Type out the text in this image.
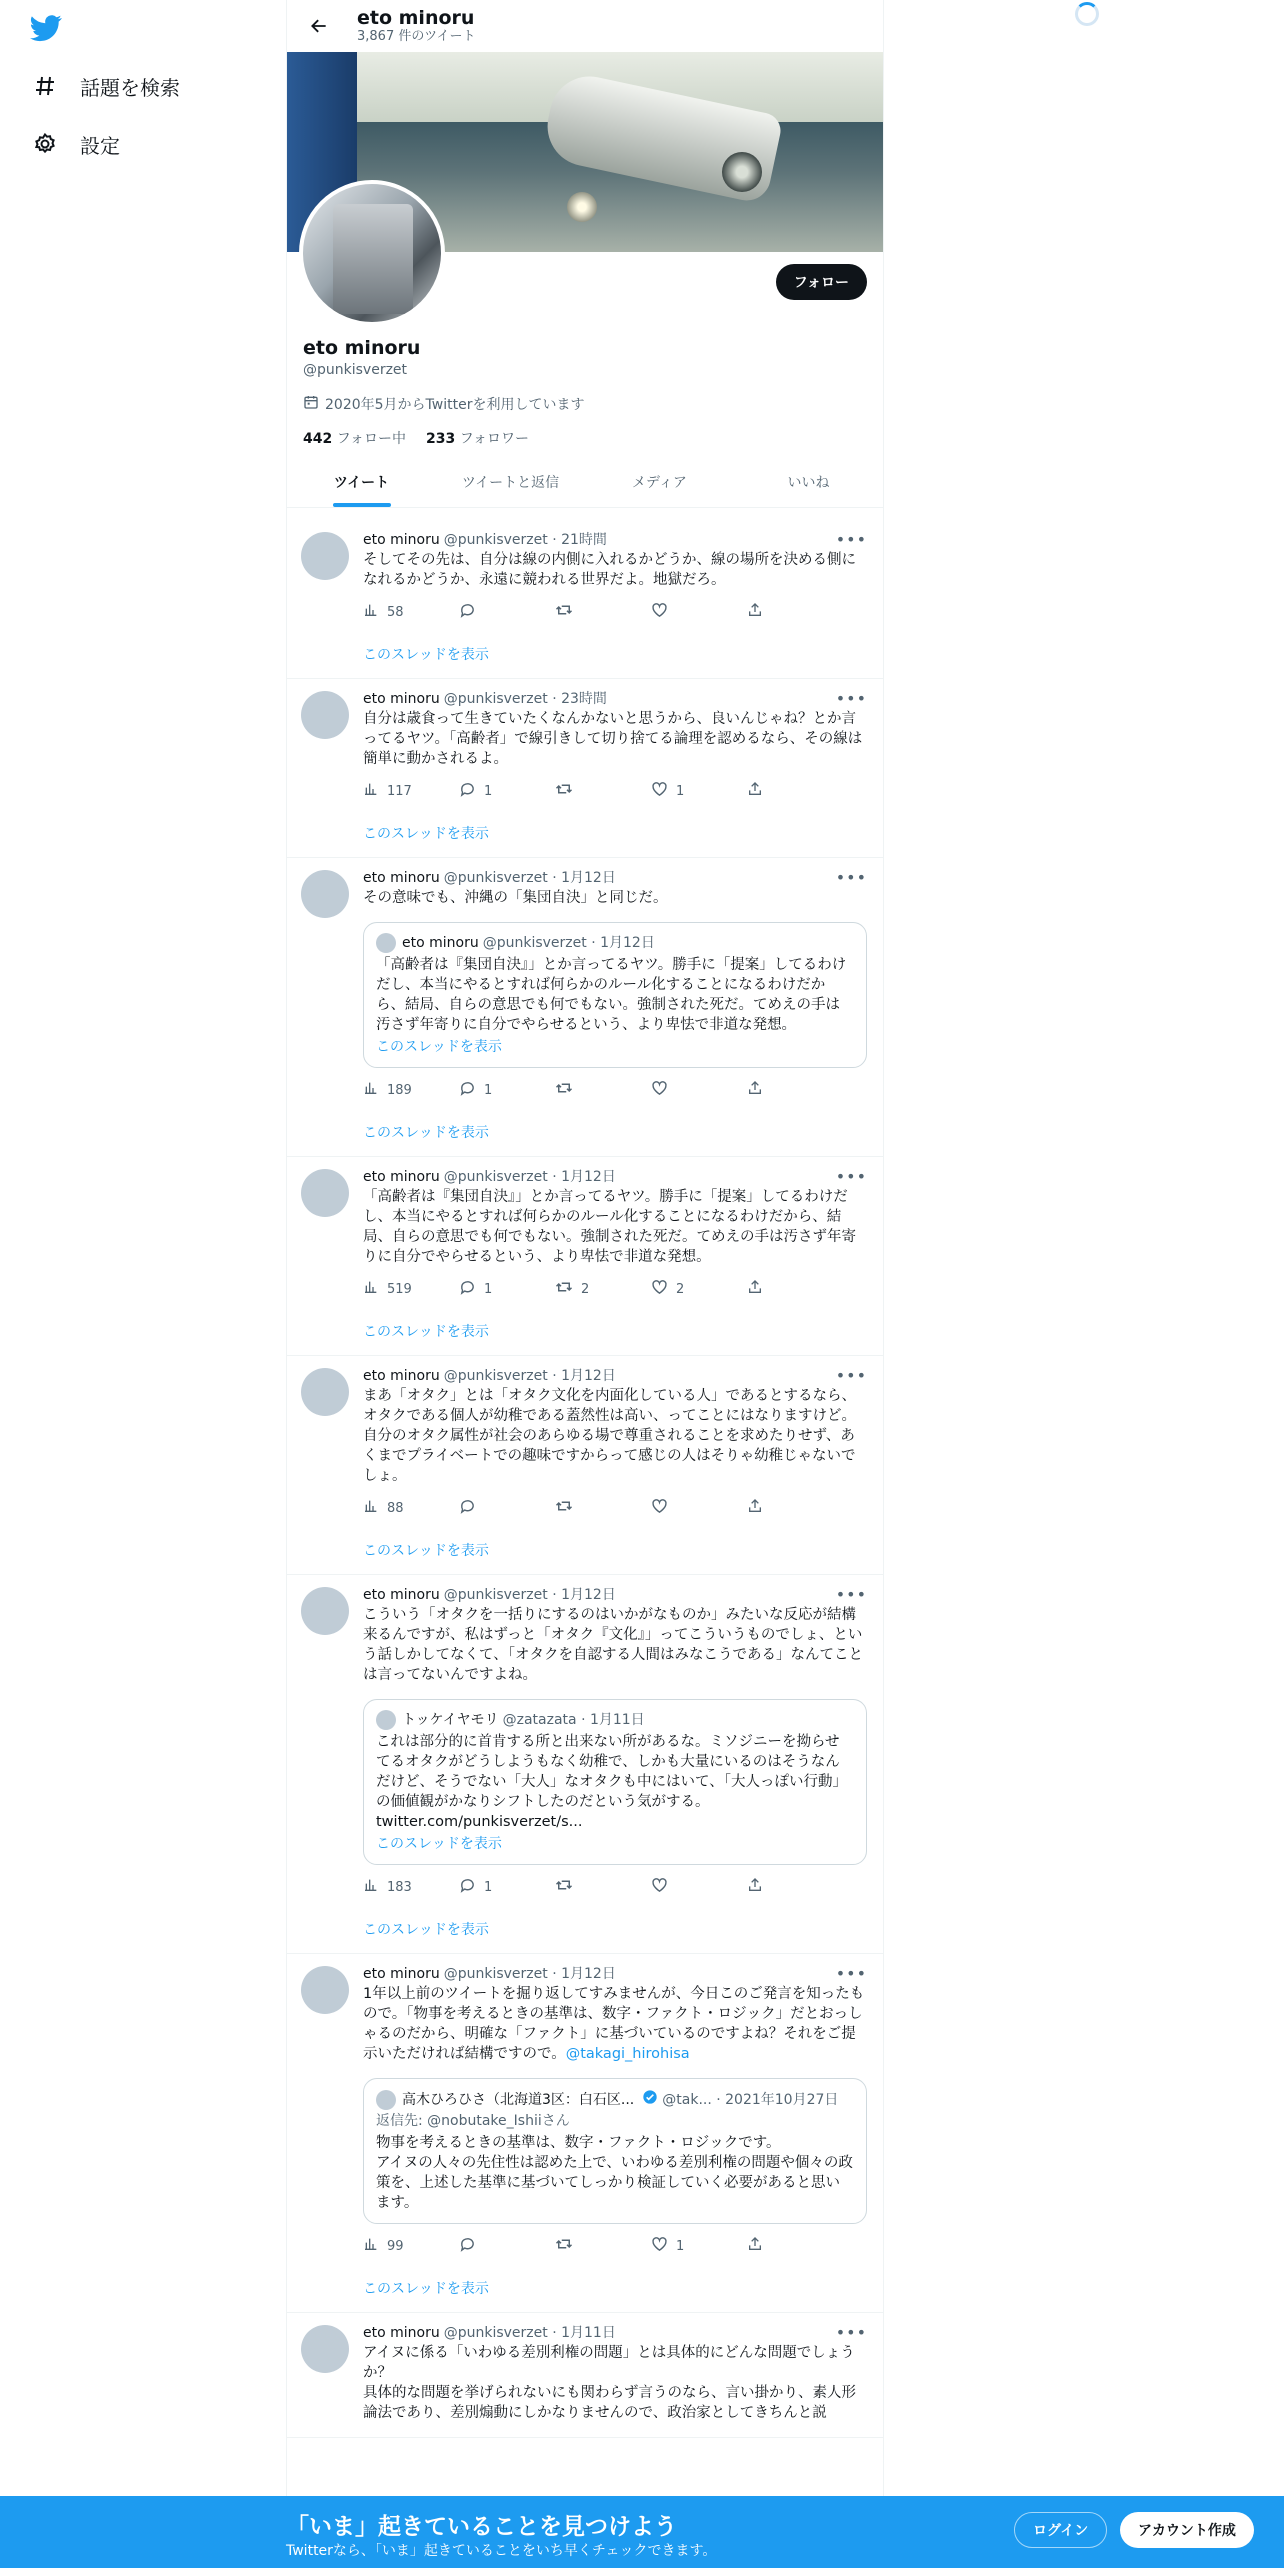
話題を検索
設定
eto minoru
3,867 件のツイート
フォロー
eto minoru
@punkisverzet
2020年5月からTwitterを利用しています
442 フォロー中 233 フォロワー
ツイート	ツイートと返信	メディア	いいね
eto minoru @punkisverzet
· 21時間	•••
そしてその先は、自分は線の内側に入れるかどうか、線の場所を決める側になれるかどうか、永遠に競われる世界だよ。地獄だろ。
58
このスレッドを表示
eto minoru @punkisverzet
· 23時間	•••
自分は歳食って生きていたくなんかないと思うから、良いんじゃね？とか言ってるヤツ。「高齢者」で線引きして切り捨てる論理を認めるなら、その線は簡単に動かされるよ。
117	1	1
このスレッドを表示
eto minoru @punkisverzet
· 1月12日	•••
その意味でも、沖縄の「集団自決」と同じだ。
eto minoru @punkisverzet
· 1月12日
「高齢者は『集団自決』」とか言ってるヤツ。勝手に「提案」してるわけだし、本当にやるとすれば何らかのルール化することになるわけだから、結局、自らの意思でも何でもない。強制された死だ。てめえの手は汚さず年寄りに自分でやらせるという、より卑怯で非道な発想。
このスレッドを表示
189	1
このスレッドを表示
eto minoru @punkisverzet
· 1月12日	•••
「高齢者は『集団自決』」とか言ってるヤツ。勝手に「提案」してるわけだし、本当にやるとすれば何らかのルール化することになるわけだから、結局、自らの意思でも何でもない。強制された死だ。てめえの手は汚さず年寄りに自分でやらせるという、より卑怯で非道な発想。
519	1	2	2
このスレッドを表示
eto minoru @punkisverzet
· 1月12日	•••
まあ「オタク」とは「オタク文化を内面化している人」であるとするなら、オタクである個人が幼稚である蓋然性は高い、ってことにはなりますけど。自分のオタク属性が社会のあらゆる場で尊重されることを求めたりせず、あくまでプライベートでの趣味ですからって感じの人はそりゃ幼稚じゃないでしょ。
88
このスレッドを表示
eto minoru @punkisverzet
· 1月12日	•••
こういう「オタクを一括りにするのはいかがなものか」みたいな反応が結構来るんですが、私はずっと「オタク『文化』」ってこういうものでしょ、という話しかしてなくて、「オタクを自認する人間はみなこうである」なんてことは言ってないんですよね。
トッケイヤモリ @zatazata
· 1月11日
これは部分的に首肯する所と出来ない所があるな。ミソジニーを拗らせてるオタクがどうしようもなく幼稚で、しかも大量にいるのはそうなんだけど、そうでない「大人」なオタクも中にはいて、「大人っぽい行動」の価値観がかなりシフトしたのだという気がする。
twitter.com/punkisverzet/s...
このスレッドを表示
183	1
このスレッドを表示
eto minoru @punkisverzet
· 1月12日	•••
1年以上前のツイートを掘り返してすみませんが、今日このご発言を知ったもので。「物事を考えるときの基準は、数字・ファクト・ロジック」だとおっしゃるのだから、明確な「ファクト」に基づいているのですよね？それをご提示いただければ結構ですので。@takagi_hirohisa
高木ひろひさ（北海道3区：白石区... @tak...
· 2021年10月27日
返信先: @nobutake_Ishiiさん
物事を考えるときの基準は、数字・ファクト・ロジックです。
アイヌの人々の先住性は認めた上で、いわゆる差別利権の問題や個々の政策を、上述した基準に基づいてしっかり検証していく必要があると思います。
99	1
このスレッドを表示
eto minoru @punkisverzet
· 1月11日	•••
アイヌに係る「いわゆる差別利権の問題」とは具体的にどんな問題でしょうか？
具体的な問題を挙げられないにも関わらず言うのなら、言い掛かり、素人形論法であり、差別煽動にしかなりませんので、政治家としてきちんと説
「いま」起きていることを見つけよう
Twitterなら、「いま」起きていることをいち早くチェックできます。
ログイン	アカウント作成
